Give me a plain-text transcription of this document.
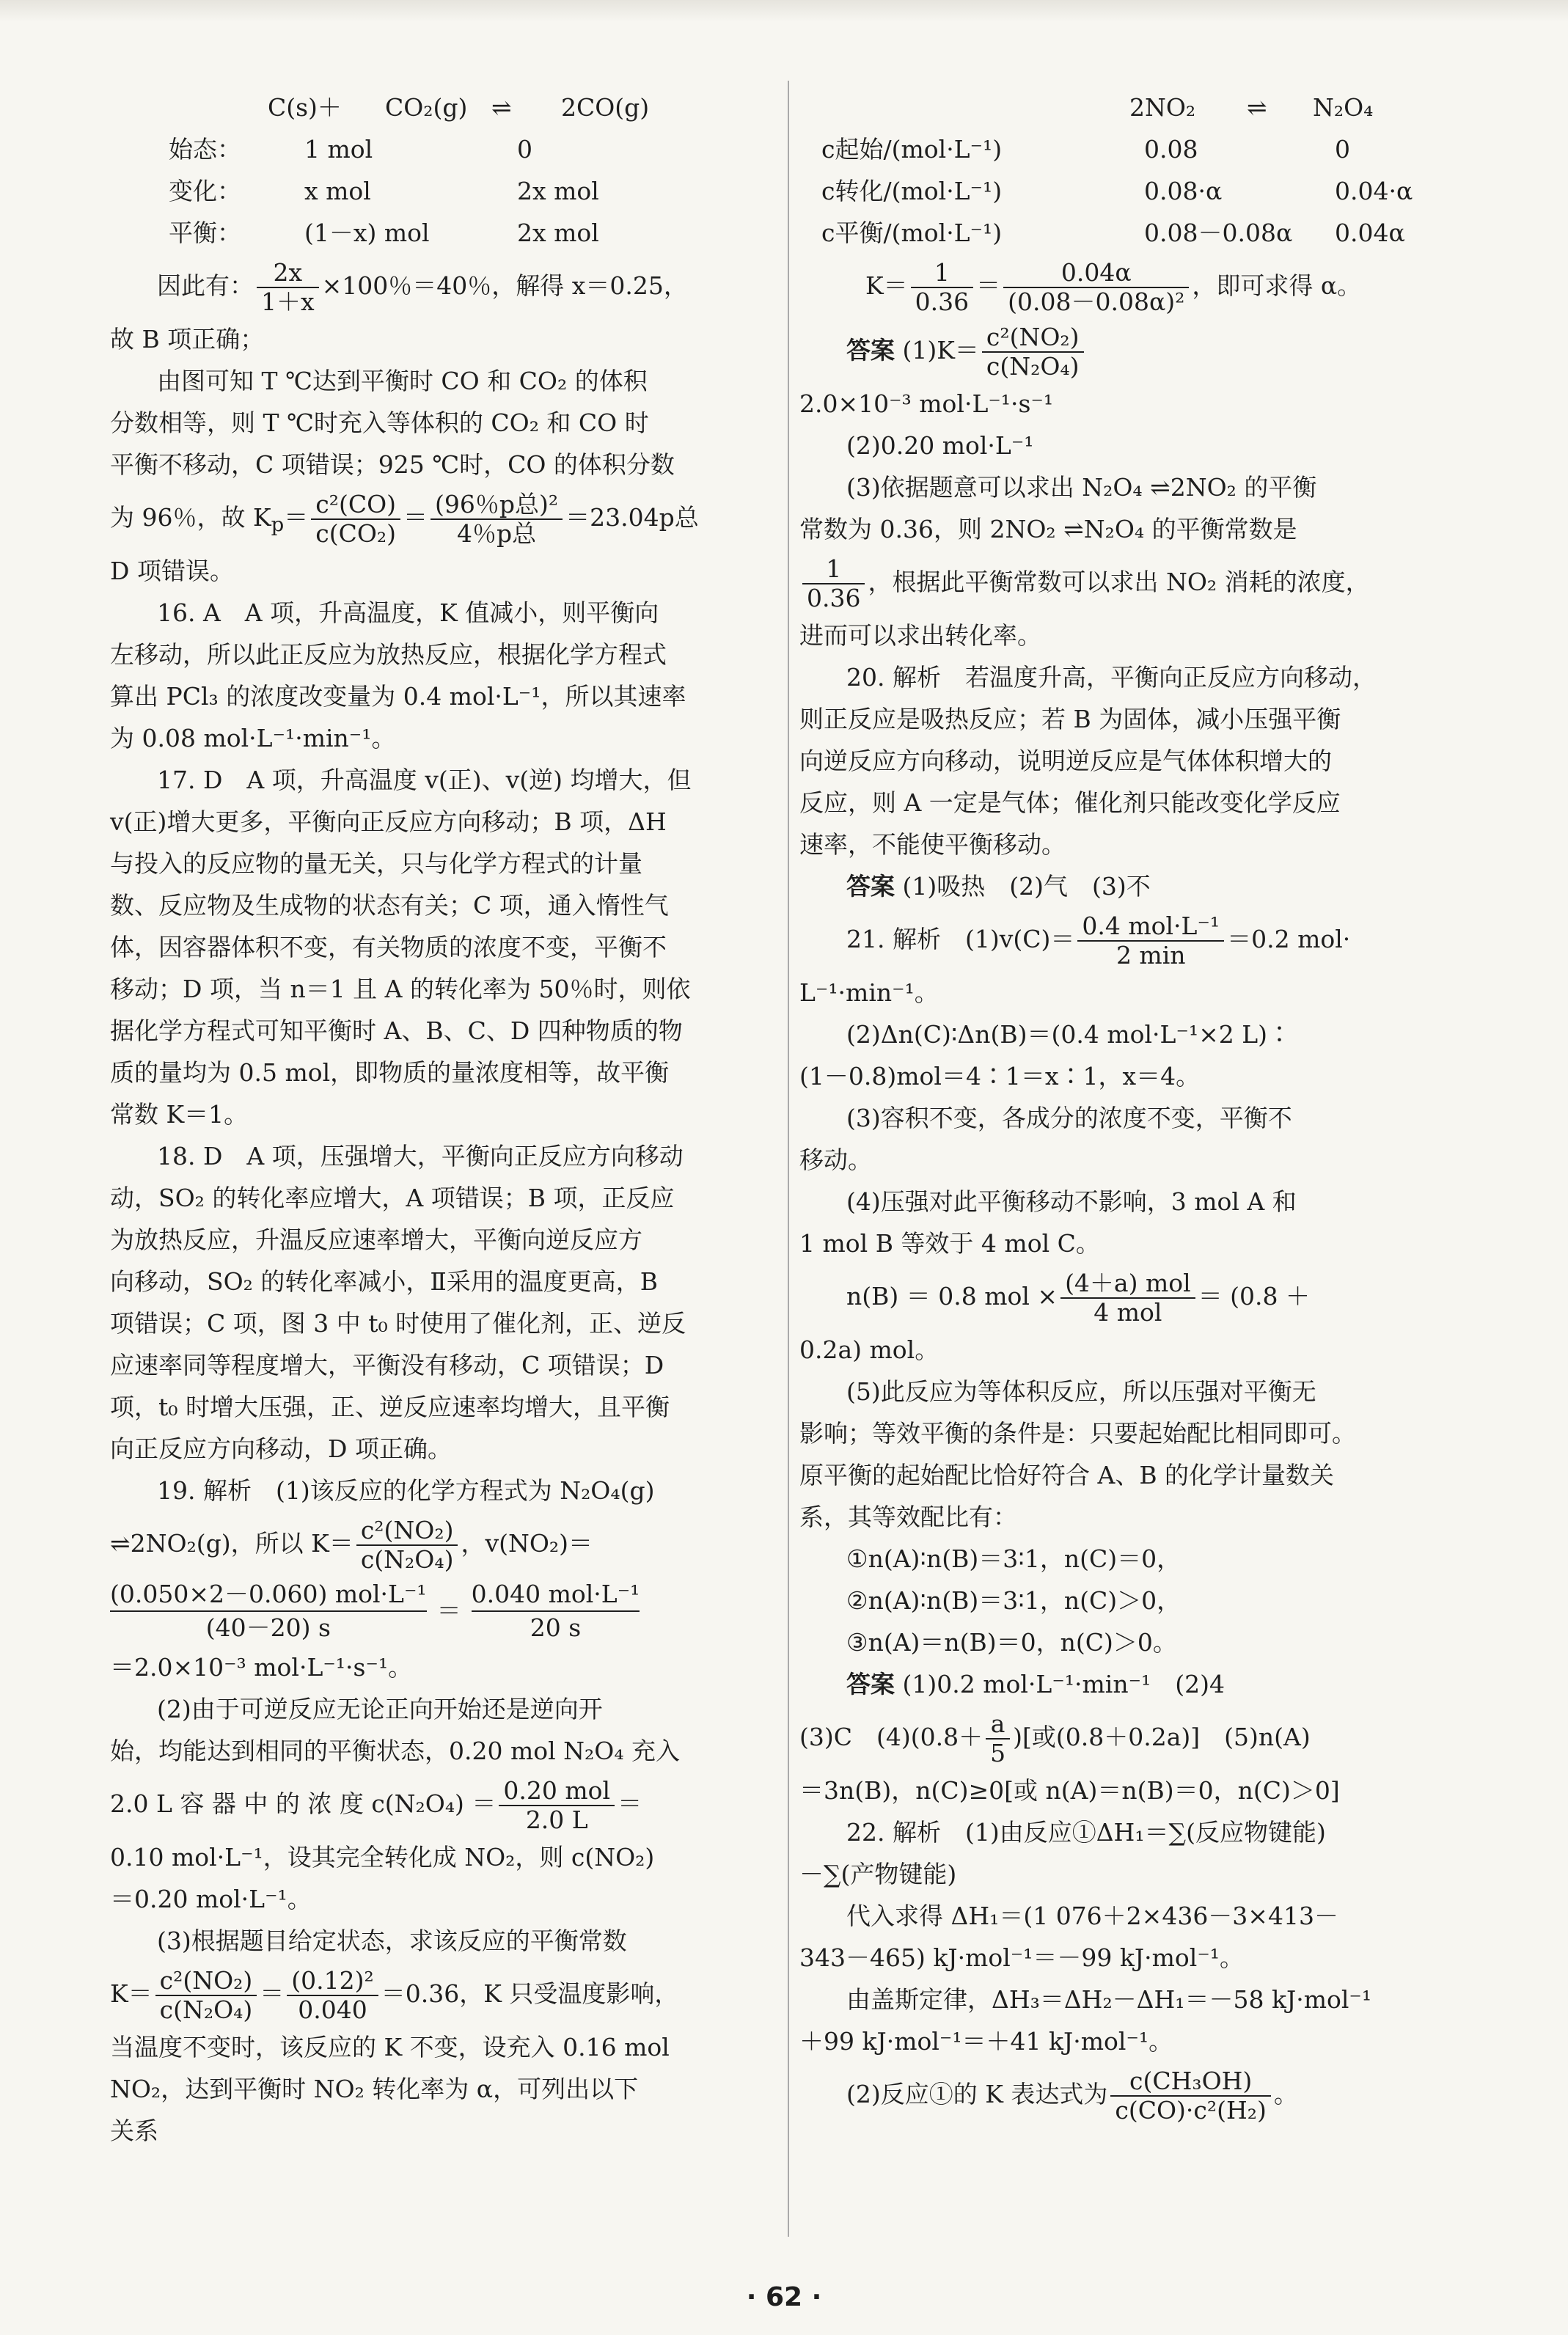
C(s)＋	CO₂(g) ⇌	2CO(g)
始态：	1 mol	0
变化：	x mol	2x mol
平衡：	(1－x) mol	2x mol
因此有： $\frac{2x}{1+x} \times 100$％＝40％，解得 x＝0.25，
故 B 项正确；
由图可知 T ℃达到平衡时 CO 和 CO₂ 的体积
分数相等，则 T ℃时充入等体积的 CO₂ 和 CO 时
平衡不移动，C 项错误；925 ℃时，CO 的体积分数
为 96％，故 $K_p= \frac{\text{c²(CO)}}{\text{c(CO₂)}} = \frac{\text{(96％p总)²}}{\text{4％p总}} =23.04p$总
D 项错误。
16. A　A 项，升高温度，K 值减小，则平衡向
左移动，所以此正反应为放热反应，根据化学方程式
算出 PCl₃ 的浓度改变量为 0.4 mol·L⁻¹，所以其速率
为 0.08 mol·L⁻¹·min⁻¹。
17. D　A 项，升高温度 v(正)、v(逆) 均增大，但
v(正)增大更多，平衡向正反应方向移动；B 项，ΔH
与投入的反应物的量无关，只与化学方程式的计量
数、反应物及生成物的状态有关；C 项，通入惰性气
体，因容器体积不变，有关物质的浓度不变，平衡不
移动；D 项，当 n＝1 且 A 的转化率为 50％时，则依
据化学方程式可知平衡时 A、B、C、D 四种物质的物
质的量均为 0.5 mol，即物质的量浓度相等，故平衡
常数 K＝1。
18. D　A 项，压强增大，平衡向正反应方向移动
动，SO₂ 的转化率应增大，A 项错误；B 项，正反应
为放热反应，升温反应速率增大，平衡向逆反应方
向移动，SO₂ 的转化率减小，Ⅱ采用的温度更高，B
项错误；C 项，图 3 中 t₀ 时使用了催化剂，正、逆反
应速率同等程度增大，平衡没有移动，C 项错误；D
项，t₀ 时增大压强，正、逆反应速率均增大，且平衡
向正反应方向移动，D 项正确。
19. 解析　(1)该反应的化学方程式为 N₂O₄(g)
⇌2NO₂(g)，所以 $K= \frac{\text{c²(NO₂)}}{\text{c(N₂O₄)}}$ ，v(NO₂)＝
(0.050×2－0.060) mol·L⁻¹
(40－20) s
＝
0.040 mol·L⁻¹
20 s
＝2.0×10⁻³ mol·L⁻¹·s⁻¹。
(2)由于可逆反应无论正向开始还是逆向开
始，均能达到相同的平衡状态，0.20 mol N₂O₄ 充入
2.0 L 容 器 中 的 浓 度 $c(N_2O_4) = \frac{\text{0.20 mol}}{2.0 L}$ ＝
0.10 mol·L⁻¹，设其完全转化成 NO₂，则 c(NO₂)
＝0.20 mol·L⁻¹。
(3)根据题目给定状态，求该反应的平衡常数
$K= \frac{\text{c²(NO₂)}}{\text{c(N₂O₄)}} = \frac{\text{(0.12)²}}{0.040} =0.36$，K 只受温度影响，
当温度不变时，该反应的 K 不变，设充入 0.16 mol
NO₂，达到平衡时 NO₂ 转化率为 α，可列出以下
关系
2NO₂	⇌	N₂O₄
c起始/(mol·L⁻¹)	0.08	0
c转化/(mol·L⁻¹)	0.08·α	0.04·α
c平衡/(mol·L⁻¹)	0.08－0.08α	0.04α
$K= \frac{1}{0.36} = \frac{0.04\alpha}{\text{(0.08－0.08α)²}}$ ，即可求得 α。
答案 $(1)K= \frac{\text{c²(NO₂)}}{\text{c(N₂O₄)}}$
2.0×10⁻³ mol·L⁻¹·s⁻¹
(2)0.20 mol·L⁻¹
(3)依据题意可以求出 N₂O₄ ⇌2NO₂ 的平衡
常数为 0.36，则 2NO₂ ⇌N₂O₄ 的平衡常数是
$\frac{1}{0.36}$ ，根据此平衡常数可以求出 NO₂ 消耗的浓度，
进而可以求出转化率。
20. 解析　若温度升高，平衡向正反应方向移动，
则正反应是吸热反应；若 B 为固体，减小压强平衡
向逆反应方向移动，说明逆反应是气体体积增大的
反应，则 A 一定是气体；催化剂只能改变化学反应
速率，不能使平衡移动。
答案 (1)吸热　(2)气　(3)不
21. 解析　$(1)v(C)= \frac{\text{0.4 mol·L⁻¹}}{2 \min} =0.2$ mol·
L⁻¹·min⁻¹。
(2)Δn(C)∶Δn(B)＝(0.4 mol·L⁻¹×2 L)∶
(1－0.8)mol＝4∶1＝x∶1，x＝4。
(3)容积不变，各成分的浓度不变，平衡不
移动。
(4)压强对此平衡移动不影响，3 mol A 和
1 mol B 等效于 4 mol C。
n(B) ＝ 0.8 mol × $\frac{\text{(4＋a) mol}}{\text{4 mol}} = (0.8$ ＋
0.2a) mol。
(5)此反应为等体积反应，所以压强对平衡无
影响；等效平衡的条件是：只要起始配比相同即可。
原平衡的起始配比恰好符合 A、B 的化学计量数关
系，其等效配比有：
①n(A)∶n(B)＝3∶1，n(C)＝0，
②n(A)∶n(B)＝3∶1，n(C)＞0，
③n(A)＝n(B)＝0，n(C)＞0。
答案 (1)0.2 mol·L⁻¹·min⁻¹　(2)4
(3)C　$(4)(0.8+ \frac{a}{5}$ )[或(0.8＋0.2a)]　(5)n(A)
＝3n(B)，n(C)≥0[或 n(A)＝n(B)＝0，n(C)＞0]
22. 解析　(1)由反应①ΔH₁＝∑(反应物键能)
－∑(产物键能)
代入求得 ΔH₁＝(1 076＋2×436－3×413－
343－465) kJ·mol⁻¹＝－99 kJ·mol⁻¹。
由盖斯定律，ΔH₃＝ΔH₂－ΔH₁＝－58 kJ·mol⁻¹
＋99 kJ·mol⁻¹＝＋41 kJ·mol⁻¹。
(2)反应①的 K 表达式为 $\frac{\text{c(CH₃OH)}}{\text{c(CO)·c²(H₂)}}$ 。
· 62 ·
